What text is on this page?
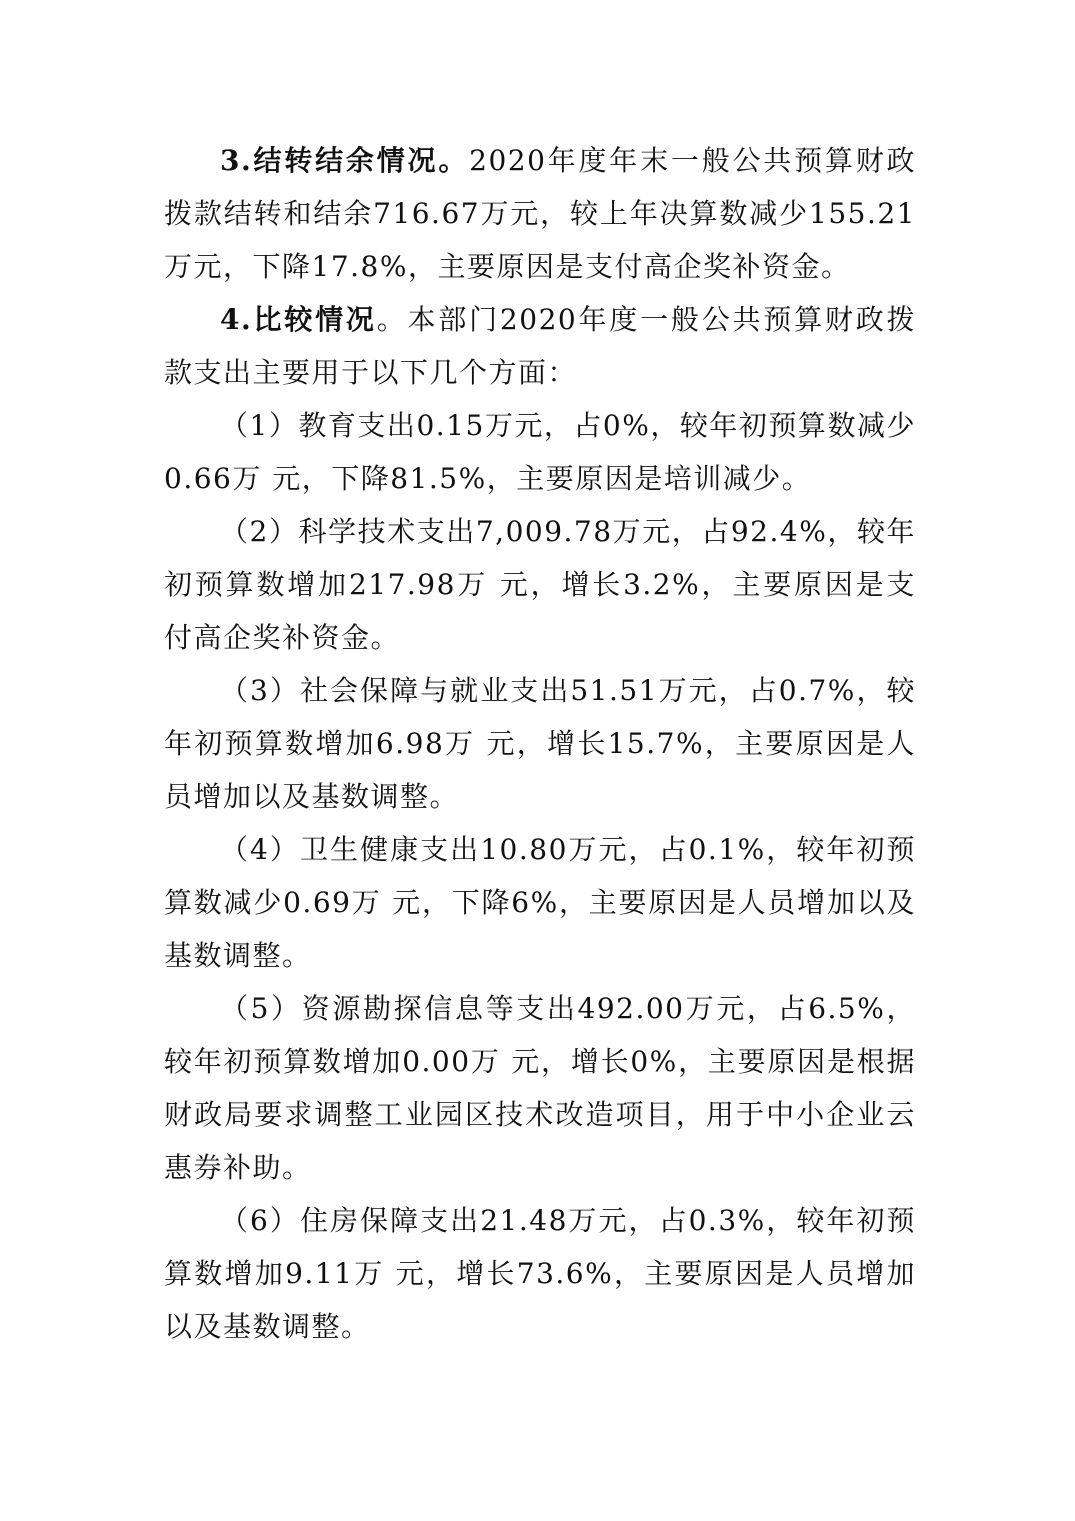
3.结转结余情况。2020年度年末一般公共预算财政拨款结转和结余716.67万元，较上年决算数减少155.21万元，下降17.8%，主要原因是支付高企奖补资金。

4.比较情况。本部门2020年度一般公共预算财政拨款支出主要用于以下几个方面：

（1）教育支出0.15万元，占0%，较年初预算数减少0.66万 元，下降81.5%，主要原因是培训减少。

（2）科学技术支出7,009.78万元，占92.4%，较年初预算数增加217.98万 元，增长3.2%，主要原因是支付高企奖补资金。

（3）社会保障与就业支出51.51万元，占0.7%，较年初预算数增加6.98万 元，增长15.7%，主要原因是人员增加以及基数调整。

（4）卫生健康支出10.80万元，占0.1%，较年初预算数减少0.69万 元，下降6%，主要原因是人员增加以及基数调整。

（5）资源勘探信息等支出492.00万元，占6.5%，较年初预算数增加0.00万 元，增长0%，主要原因是根据财政局要求调整工业园区技术改造项目，用于中小企业云惠券补助。

（6）住房保障支出21.48万元，占0.3%，较年初预算数增加9.11万 元，增长73.6%，主要原因是人员增加以及基数调整。
